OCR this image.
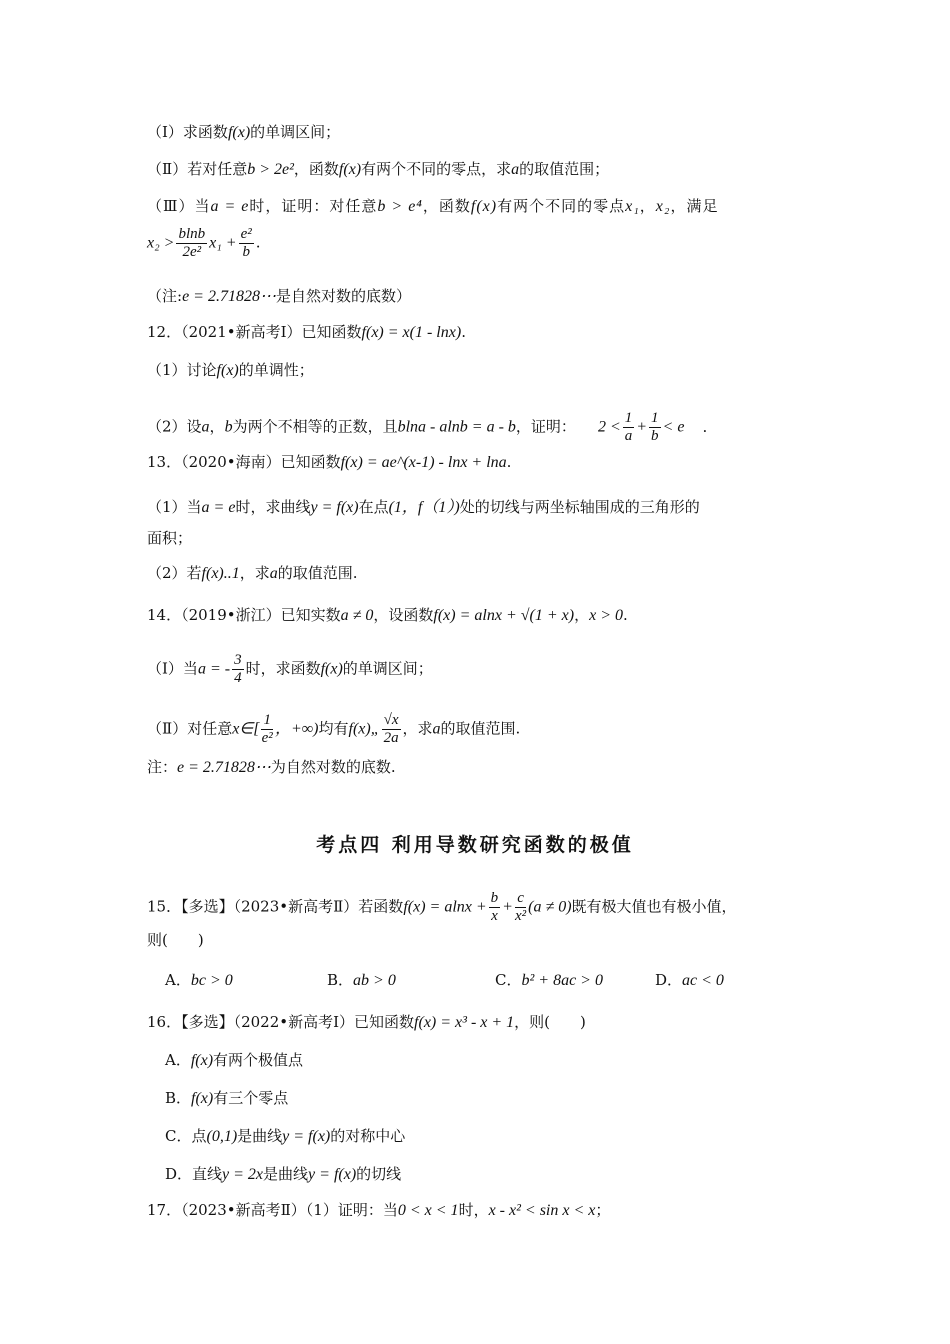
（Ⅰ）求函数f(x)的单调区间；
（Ⅱ）若对任意b > 2e²，函数f(x)有两个不同的零点，求a的取值范围；
（Ⅲ）当a = e时，证明：对任意b > e⁴，函数f(x)有两个不同的零点x₁，x₂，满足
$x_2 > \frac{blnb}{\text{2e²}} x_1 + \frac{\text{e²}}{b}$ .
（注:e = 2.71828⋯是自然对数的底数）
12．（2021•新高考Ⅰ）已知函数f(x) = x(1 - lnx).
（1）讨论f(x)的单调性；
（2）设a，b为两个不相等的正数，且blna - alnb = a - b，证明： $2 < \frac{1}{a} + \frac{1}{b} < e$ .
13．（2020•海南）已知函数f(x) = ae^(x-1) - lnx + lna.
（1）当a = e时，求曲线y = f(x)在点(1，f（1）)处的切线与两坐标轴围成的三角形的
面积；
（2）若f(x)..1，求a的取值范围.
14．（2019•浙江）已知实数a ≠ 0，设函数f(x) = alnx + √(1 + x)，x > 0.
（Ⅰ）当a = - $\frac{3}{4}$ 时，求函数f(x)的单调区间；
（Ⅱ）对任意x∈[ $\frac{1}{\text{e²}}$ ，+∞)均有f(x)„ $\frac{√x}{2a}$ ，求a的取值范围.
注：e = 2.71828⋯为自然对数的底数.
考点四 利用导数研究函数的极值
15．【多选】（2023•新高考Ⅱ）若函数$f(x) = alnx + \frac{b}{x} + \frac{c}{\text{x²}} (a \ne 0)$既有极大值也有极小值，
则(　　)
A．bc > 0	B．ab > 0	C．b² + 8ac > 0	D．ac < 0
16．【多选】（2022•新高考Ⅰ）已知函数f(x) = x³ - x + 1，则(　　)
A．f(x)有两个极值点
B．f(x)有三个零点
C．点(0,1)是曲线y = f(x)的对称中心
D．直线y = 2x是曲线y = f(x)的切线
17．（2023•新高考Ⅱ）（1）证明：当0 < x < 1时，x - x² < sin x < x；
